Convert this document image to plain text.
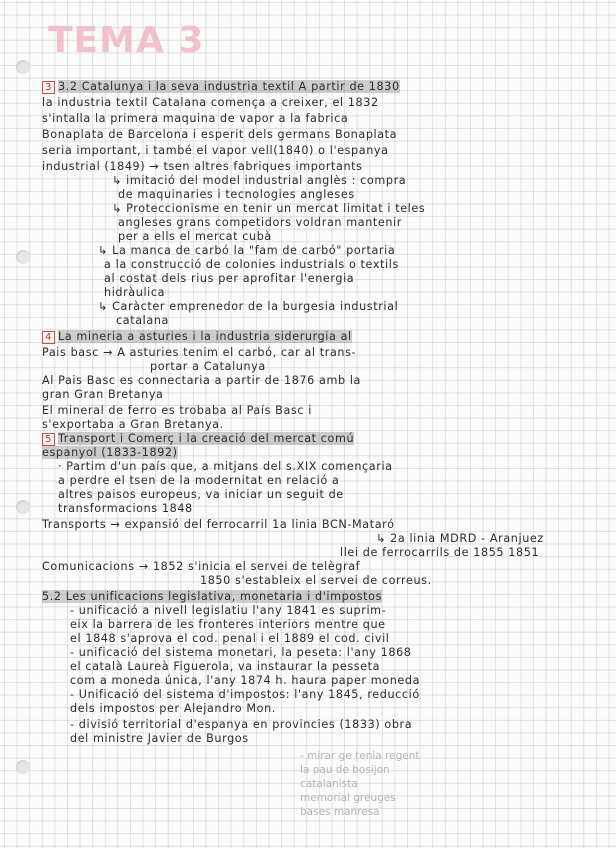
TEMA 3
3 3.2 Catalunya i la seva industria textil A partir de 1830
la industria textil Catalana comença a creixer, el 1832
s'intalla la primera maquina de vapor a la fabrica
Bonaplata de Barcelona i esperit dels germans Bonaplata
seria important, i també el vapor vell(1840) o l'espanya
industrial (1849) → tsen altres fabriques importants
↳ imitació del model industrial anglès : compra
de maquinaries i tecnologies angleses
↳ Proteccionisme en tenir un mercat limitat i teles
angleses grans competidors voldran mantenir
per a ells el mercat cubà
↳ La manca de carbó la "fam de carbó" portaria
a la construcció de colonies industrials o textils
al costat dels rius per aprofitar l'energia
hidràulica
↳ Caràcter emprenedor de la burgesia industrial
catalana
4 La mineria a asturies i la industria siderurgia al
Pais basc → A asturies tenim el carbó, car al trans-
portar a Catalunya
Al Pais Basc es connectaria a partir de 1876 amb la
gran Gran Bretanya
El mineral de ferro es trobaba al País Basc i
s'exportaba a Gran Bretanya.
5 Transport i Comerç i la creació del mercat comú
espanyol (1833-1892)
· Partim d'un país que, a mitjans del s.XIX començaria
a perdre el tsen de la modernitat en relació a
altres paisos europeus, va iniciar un seguit de
transformacions 1848
Transports → expansió del ferrocarril 1a linia BCN-Mataró
↳ 2a linia MDRD - Aranjuez
llei de ferrocarrils de 1855 1851
Comunicacions → 1852 s'inicia el servei de telègraf
1850 s'estableix el servei de correus.
5.2 Les unificacions legislativa, monetaria i d'impostos
- unificació a nivell legislatiu l'any 1841 es suprim-
eix la barrera de les fronteres interiors mentre que
el 1848 s'aprova el cod. penal i el 1889 el cod. civil
- unificació del sistema monetari, la peseta: l'any 1868
el català Laureà Figuerola, va instaurar la pesseta
com a moneda única, l'any 1874 h. haura paper moneda
- Unificació del sistema d'impostos: l'any 1845, reducció
dels impostos per Alejandro Mon.
- divisió territorial d'espanya en provincies (1833) obra
del ministre Javier de Burgos
- mirar ge tenia regent
la pau de bosijon
catalanista
memorial greuges
bases manresa
